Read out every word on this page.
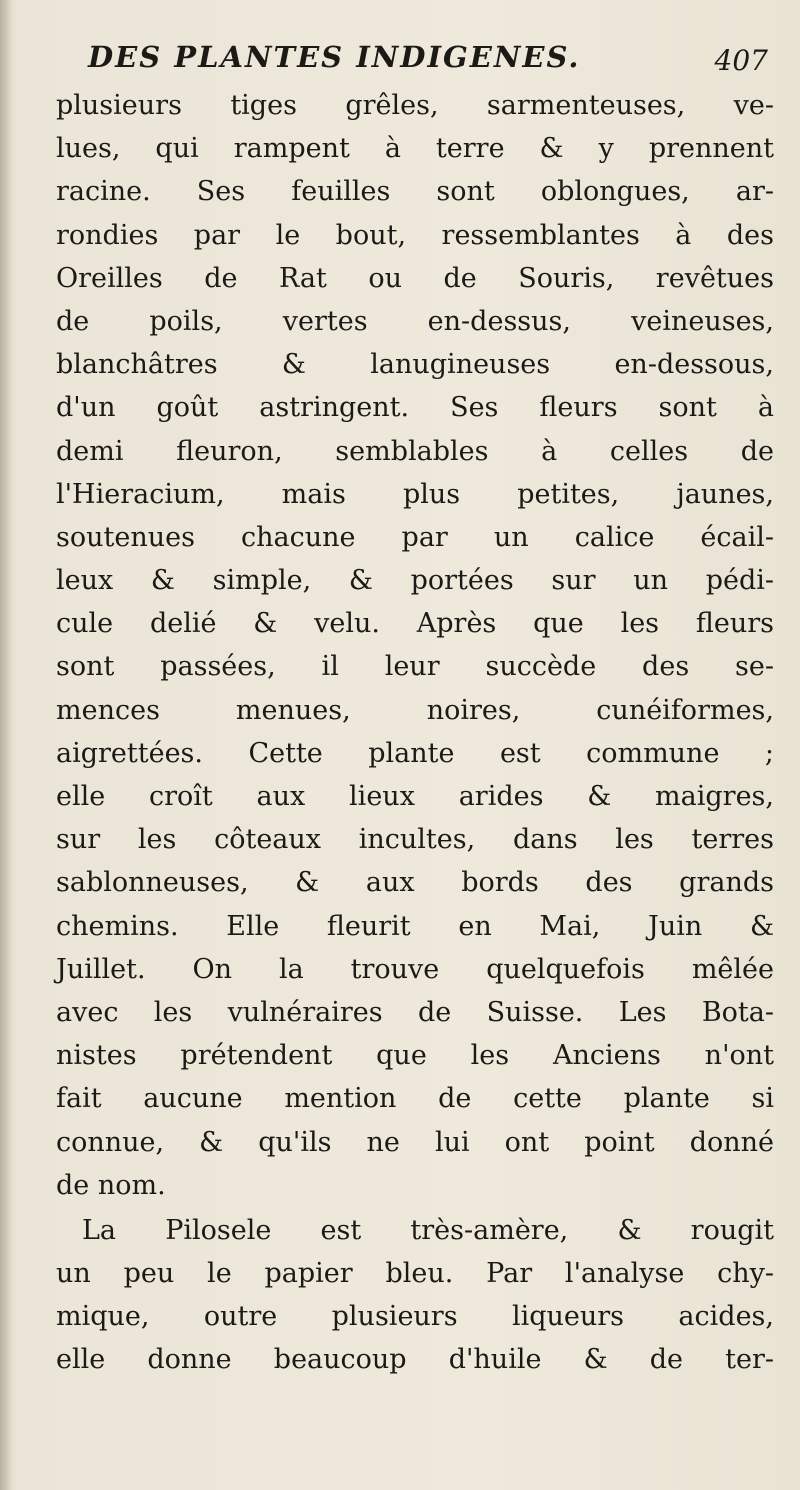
DES PLANTES INDIGENES.	407
plusieurs tiges grêles, sarmenteuses, ve-
lues, qui rampent à terre & y prennent
racine. Ses feuilles sont oblongues, ar-
rondies par le bout, ressemblantes à des
Oreilles de Rat ou de Souris, revêtues
de poils, vertes en-dessus, veineuses,
blanchâtres & lanugineuses en-dessous,
d'un goût astringent. Ses fleurs sont à
demi fleuron, semblables à celles de
l'Hieracium, mais plus petites, jaunes,
soutenues chacune par un calice écail-
leux & simple, & portées sur un pédi-
cule delié & velu. Après que les fleurs
sont passées, il leur succède des se-
mences menues, noires, cunéiformes,
aigrettées. Cette plante est commune ;
elle croît aux lieux arides & maigres,
sur les côteaux incultes, dans les terres
sablonneuses, & aux bords des grands
chemins. Elle fleurit en Mai, Juin &
Juillet. On la trouve quelquefois mêlée
avec les vulnéraires de Suisse. Les Bota-
nistes prétendent que les Anciens n'ont
fait aucune mention de cette plante si
connue, & qu'ils ne lui ont point donné
de nom.
La Pilosele est très-amère, & rougit
un peu le papier bleu. Par l'analyse chy-
mique, outre plusieurs liqueurs acides,
elle donne beaucoup d'huile & de ter-
